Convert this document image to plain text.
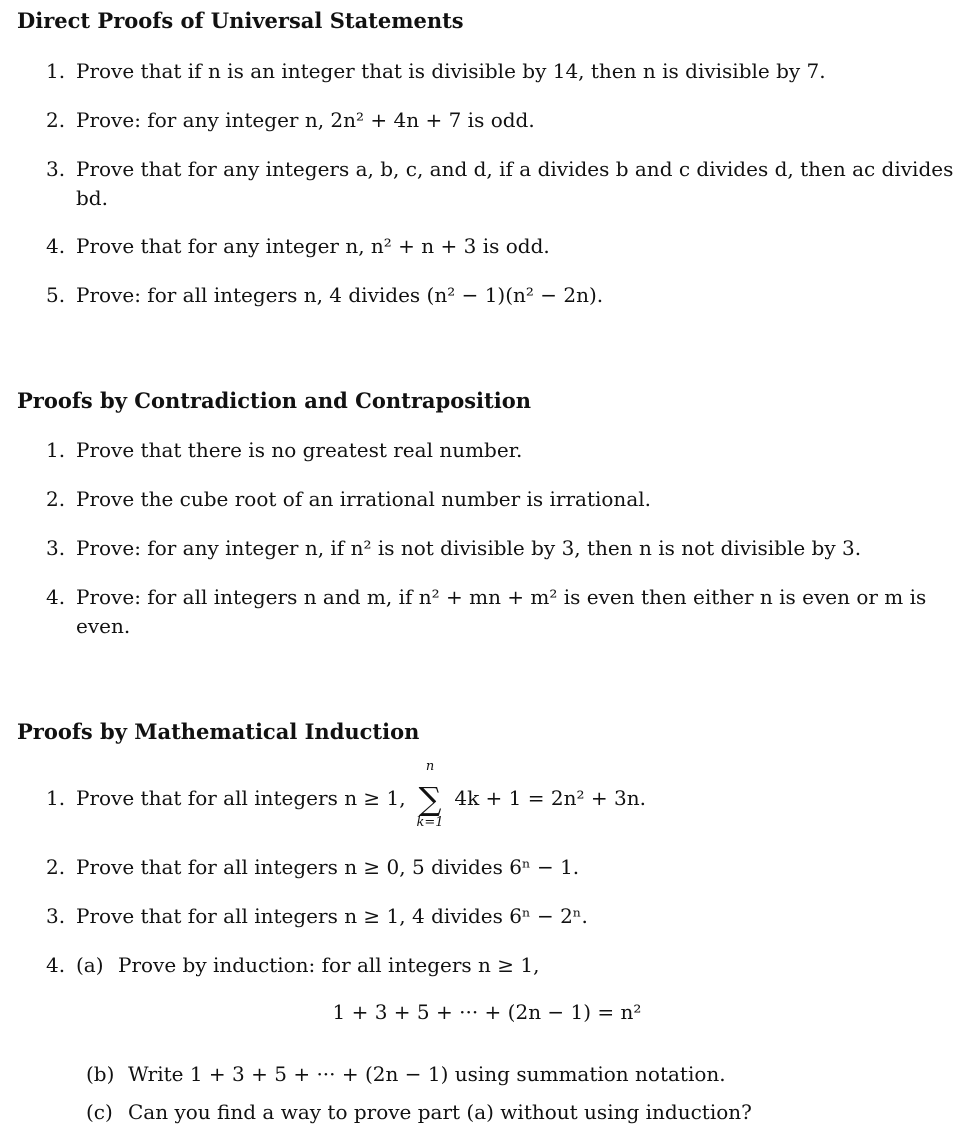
Direct Proofs of Universal Statements
1. Prove that if n is an integer that is divisible by 14, then n is divisible by 7.
2. Prove: for any integer n, 2n² + 4n + 7 is odd.
3. Prove that for any integers a, b, c, and d, if a divides b and c divides d, then ac divides bd.
4. Prove that for any integer n, n² + n + 3 is odd.
5. Prove: for all integers n, 4 divides (n² − 1)(n² − 2n).
Proofs by Contradiction and Contraposition
1. Prove that there is no greatest real number.
2. Prove the cube root of an irrational number is irrational.
3. Prove: for any integer n, if n² is not divisible by 3, then n is not divisible by 3.
4. Prove: for all integers n and m, if n² + mn + m² is even then either n is even or m is even.
Proofs by Mathematical Induction
1. Prove that for all integers n ≥ 1,
n
∑
k=1
4k + 1 = 2n² + 3n.
2. Prove that for all integers n ≥ 0, 5 divides 6ⁿ − 1.
3. Prove that for all integers n ≥ 1, 4 divides 6ⁿ − 2ⁿ.
4. (a) Prove by induction: for all integers n ≥ 1,
1 + 3 + 5 + ··· + (2n − 1) = n²
(b) Write 1 + 3 + 5 + ··· + (2n − 1) using summation notation.
(c) Can you find a way to prove part (a) without using induction?
